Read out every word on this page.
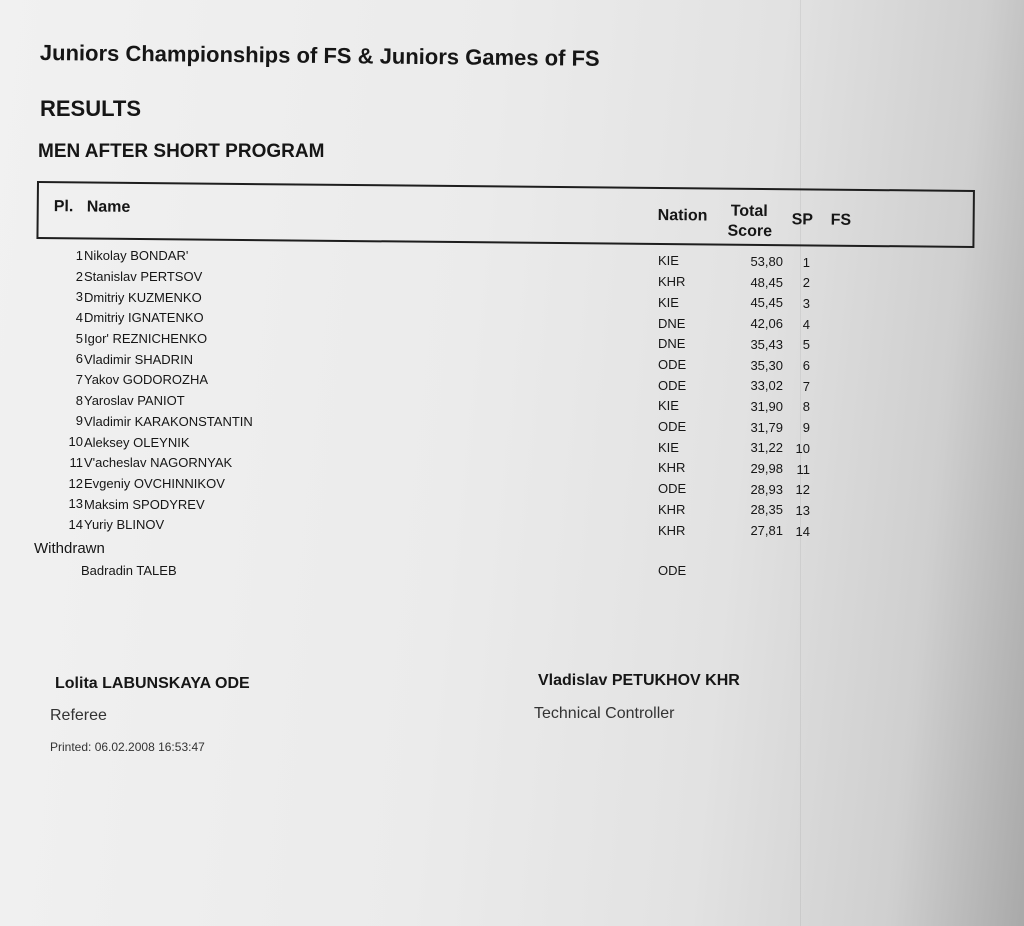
Juniors Championships of FS & Juniors Games of FS
RESULTS
MEN AFTER SHORT PROGRAM
Pl. Name	Nation Total
Score
SP FS
1 Nikolay BONDAR'	KIE	53,80	1
2 Stanislav PERTSOV	KHR	48,45	2
3 Dmitriy KUZMENKO	KIE	45,45	3
4 Dmitriy IGNATENKO	DNE	42,06	4
5 Igor' REZNICHENKO	DNE	35,43	5
6 Vladimir SHADRIN	ODE	35,30	6
7 Yakov GODOROZHA	ODE	33,02	7
8 Yaroslav PANIOT	KIE	31,90	8
9 Vladimir KARAKONSTANTIN	ODE	31,79	9
10 Aleksey OLEYNIK	KIE	31,22 10
11 V'acheslav NAGORNYAK	KHR	29,98	11
12 Evgeniy OVCHINNIKOV	ODE	28,93 12
13 Maksim SPODYREV	KHR	28,35 13
14 Yuriy BLINOV	KHR	27,81 14
Withdrawn
Badradin TALEB	ODE
Lolita LABUNSKAYA ODE
Referee
Vladislav PETUKHOV KHR
Technical Controller
Printed: 06.02.2008 16:53:47
